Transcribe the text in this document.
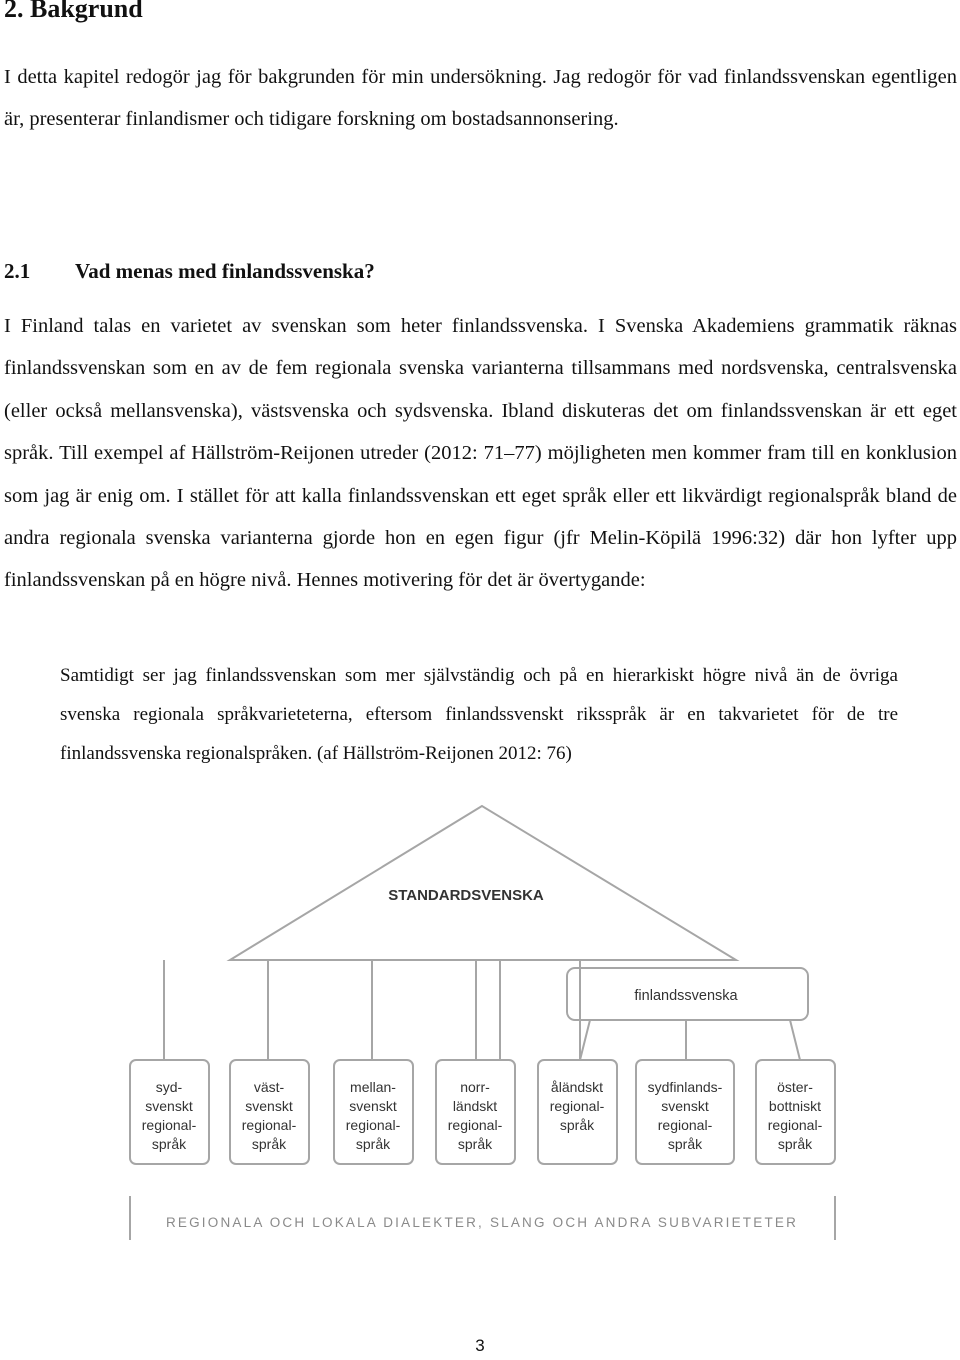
2. Bakgrund

I detta kapitel redogör jag för bakgrunden för min undersökning. Jag redogör för vad finlandssvenskan egentligen är, presenterar finlandismer och tidigare forskning om bostadsannonsering.

2.1 Vad menas med finlandssvenska?

I Finland talas en varietet av svenskan som heter finlandssvenska. I Svenska Akademiens grammatik räknas finlandssvenskan som en av de fem regionala svenska varianterna tillsammans med nordsvenska, centralsvenska (eller också mellansvenska), västsvenska och sydsvenska. Ibland diskuteras det om finlandssvenskan är ett eget språk. Till exempel af Hällström-Reijonen utreder (2012: 71–77) möjligheten men kommer fram till en konklusion som jag är enig om. I stället för att kalla finlandssvenskan ett eget språk eller ett likvärdigt regionalspråk bland de andra regionala svenska varianterna gjorde hon en egen figur (jfr Melin-Köpilä 1996:32) där hon lyfter upp finlandssvenskan på en högre nivå. Hennes motivering för det är övertygande:

Samtidigt ser jag finlandssvenskan som mer självständig och på en hierarkiskt högre nivå än de övriga svenska regionala språkvarieteterna, eftersom finlandssvenskt riksspråk är en takvarietet för de tre finlandssvenska regionalspråken. (af Hällström-Reijonen 2012: 76)

STANDARDSVENSKA
finlandssvenska
syd-
svenskt
regional-
språk
väst-
svenskt
regional-
språk
mellan-
svenskt
regional-
språk
norr-
ländskt
regional-
språk
åländskt
regional-
språk
sydfinlands-
svenskt
regional-
språk
öster-
bottniskt
regional-
språk
REGIONALA OCH LOKALA DIALEKTER, SLANG OCH ANDRA SUBVARIETETER
3
